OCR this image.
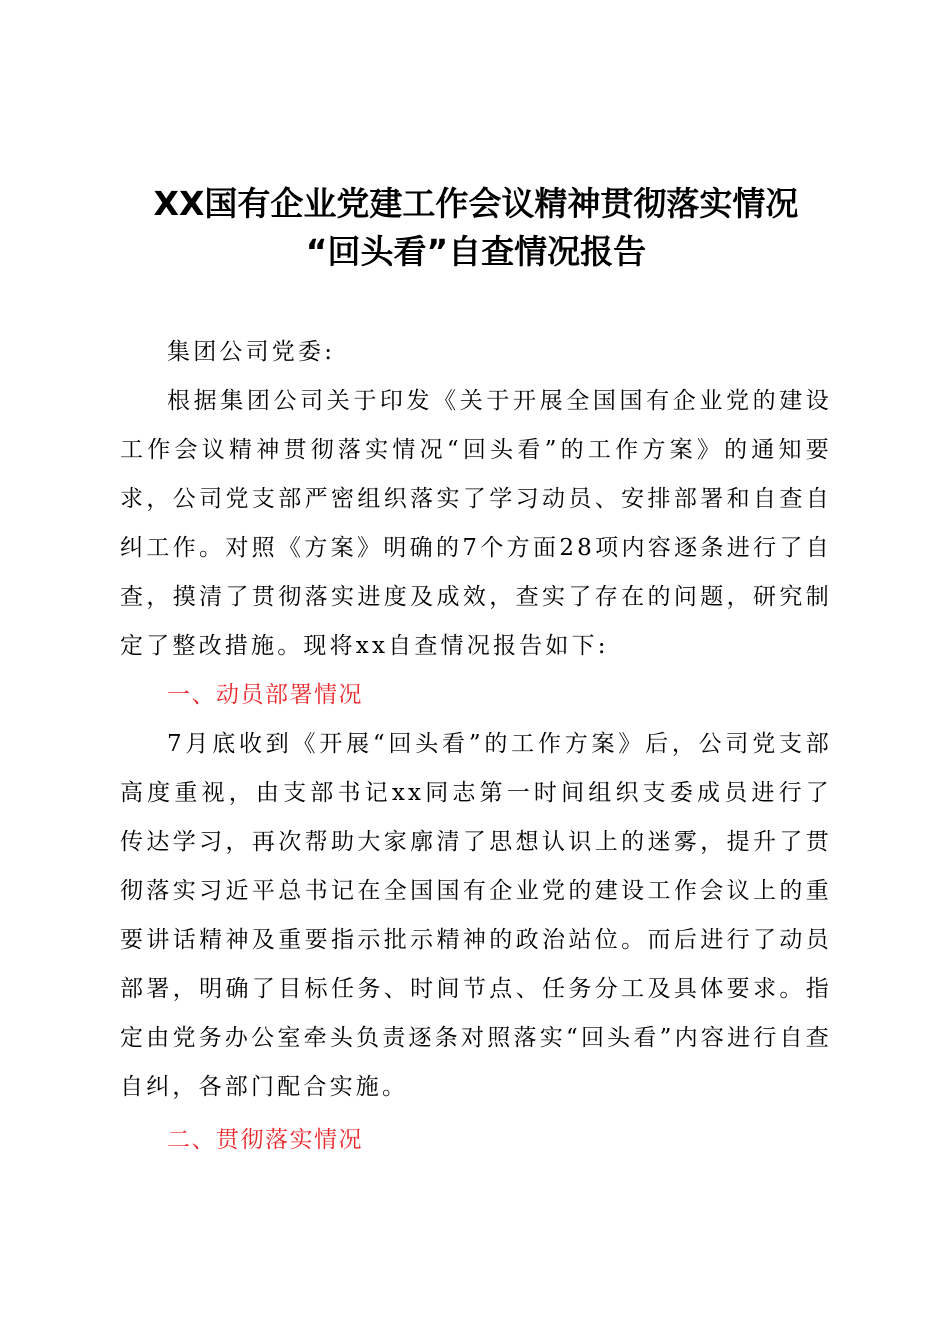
XX国有企业党建工作会议精神贯彻落实情况
“回头看”自查情况报告

集团公司党委:

根据集团公司关于印发《关于开展全国国有企业党的建设工作会议精神贯彻落实情况“回头看”的工作方案》的通知要求，公司党支部严密组织落实了学习动员、安排部署和自查自纠工作。对照《方案》明确的7个方面28项内容逐条进行了自查，摸清了贯彻落实进度及成效，查实了存在的问题，研究制定了整改措施。现将xx自查情况报告如下:

一、动员部署情况

7月底收到《开展“回头看”的工作方案》后，公司党支部高度重视，由支部书记xx同志第一时间组织支委成员进行了传达学习，再次帮助大家廓清了思想认识上的迷雾，提升了贯彻落实习近平总书记在全国国有企业党的建设工作会议上的重要讲话精神及重要指示批示精神的政治站位。而后进行了动员部署，明确了目标任务、时间节点、任务分工及具体要求。指定由党务办公室牵头负责逐条对照落实“回头看”内容进行自查自纠，各部门配合实施。

二、贯彻落实情况
